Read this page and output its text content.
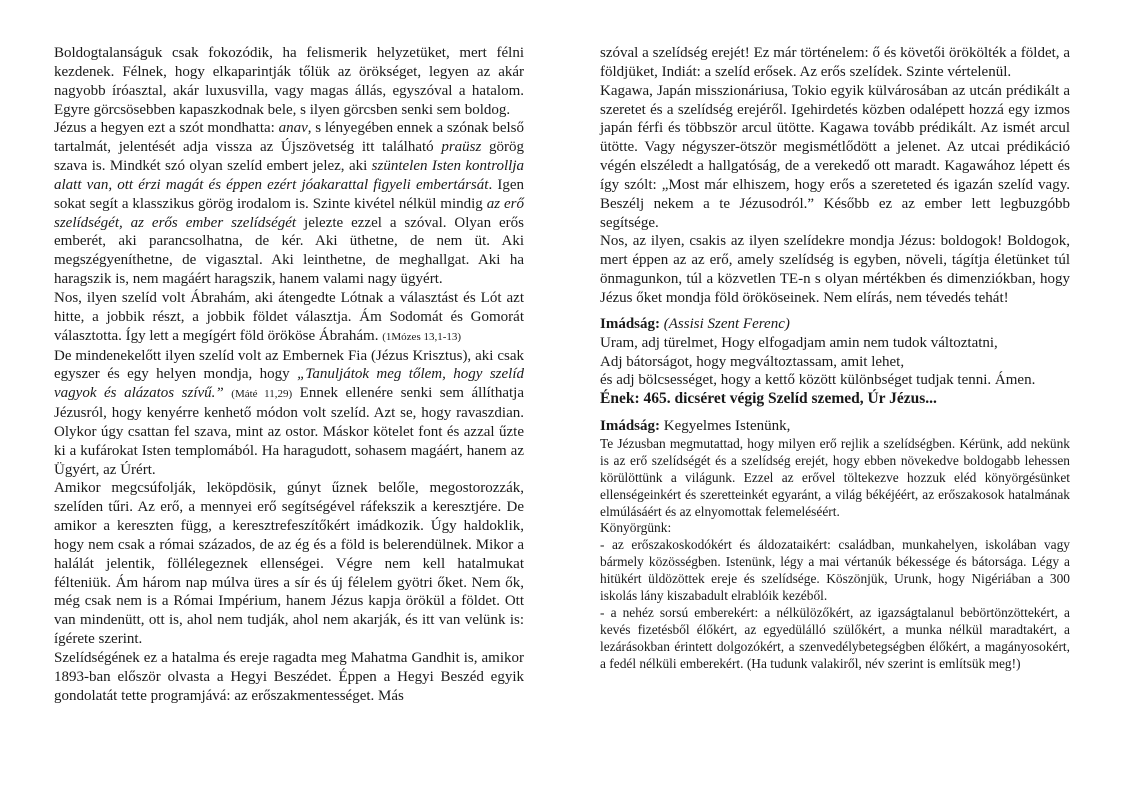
Boldogtalanságuk csak fokozódik, ha felismerik helyzetüket, mert félni kezdenek. Félnek, hogy elkaparintják tőlük az örökséget, legyen az akár nagyobb íróasztal, akár luxusvilla, vagy magas állás, egyszóval a hatalom. Egyre görcsösebben kapaszkodnak bele, s ilyen görcsben senki sem boldog.

Jézus a hegyen ezt a szót mondhatta: anav, s lényegében ennek a szónak belső tartalmát, jelentését adja vissza az Újszövetség itt található praüsz görög szava is. Mindkét szó olyan szelíd embert jelez, aki szüntelen Isten kontrollja alatt van, ott érzi magát és éppen ezért jóakarattal figyeli embertársát. Igen sokat segít a klasszikus görög irodalom is. Szinte kivétel nélkül mindig az erő szelídségét, az erős ember szelídségét jelezte ezzel a szóval. Olyan erős emberét, aki parancsolhatna, de kér. Aki üthetne, de nem üt. Aki megszégyeníthetne, de vigasztal. Aki leinthetne, de meghallgat. Aki ha haragszik is, nem magáért haragszik, hanem valami nagy ügyért.

Nos, ilyen szelíd volt Ábrahám, aki átengedte Lótnak a választást és Lót azt hitte, a jobbik részt, a jobbik földet választja. Ám Sodomát és Gomorát választotta. Így lett a megígért föld örököse Ábrahám. (1Mózes 13,1-13)

De mindenekelőtt ilyen szelíd volt az Embernek Fia (Jézus Krisztus), aki csak egyszer és egy helyen mondja, hogy „Tanuljátok meg tőlem, hogy szelíd vagyok és alázatos szívű.” (Máté 11,29) Ennek ellenére senki sem állíthatja Jézusról, hogy kenyérre kenhető módon volt szelíd. Azt se, hogy ravaszdian. Olykor úgy csattan fel szava, mint az ostor. Máskor kötelet font és azzal űzte ki a kufárokat Isten templomából. Ha haragudott, sohasem magáért, hanem az Ügyért, az Úrért.

Amikor megcsúfolják, leköpdösik, gúnyt űznek belőle, megostorozzák, szelíden tűri. Az erő, a mennyei erő segítségével ráfekszik a keresztjére. De amikor a kereszten függ, a keresztrefeszítőkért imádkozik. Úgy haldoklik, hogy nem csak a római százados, de az ég és a föld is belerendülnek. Mikor a halálát jelentik, föllélegeznek ellenségei. Végre nem kell hatalmukat félteniük. Ám három nap múlva üres a sír és új félelem gyötri őket. Nem ők, még csak nem is a Római Impérium, hanem Jézus kapja örökül a földet. Ott van mindenütt, ott is, ahol nem tudják, ahol nem akarják, és itt van velünk is: ígérete szerint.

Szelídségének ez a hatalma és ereje ragadta meg Mahatma Gandhit is, amikor 1893-ban először olvasta a Hegyi Beszédet. Éppen a Hegyi Beszéd egyik gondolatát tette programjává: az erőszakmentességet. Más

szóval a szelídség erejét! Ez már történelem: ő és követői örökölték a földet, a földjüket, Indiát: a szelíd erősek. Az erős szelídek. Szinte vértelenül.

Kagawa, Japán misszionáriusa, Tokio egyik külvárosában az utcán prédikált a szeretet és a szelídség erejéről. Igehirdetés közben odalépett hozzá egy izmos japán férfi és többször arcul ütötte. Kagawa tovább prédikált. Az ismét arcul ütötte. Vagy négyszer-ötször megismétlődött a jelenet. Az utcai prédikáció végén elszéledt a hallgatóság, de a verekedő ott maradt. Kagawához lépett és így szólt: „Most már elhiszem, hogy erős a szereteted és igazán szelíd vagy. Beszélj nekem a te Jézusodról.” Később ez az ember lett legbuzgóbb segítsége.

Nos, az ilyen, csakis az ilyen szelídekre mondja Jézus: boldogok! Boldogok, mert éppen az az erő, amely szelídség is egyben, növeli, tágítja életünket túl önmagunkon, túl a közvetlen TE-n s olyan mértékben és dimenziókban, hogy Jézus őket mondja föld örököseinek. Nem elírás, nem tévedés tehát!

Imádság: (Assisi Szent Ferenc)

Uram, adj türelmet, Hogy elfogadjam amin nem tudok változtatni,

Adj bátorságot, hogy megváltoztassam, amit lehet,

és adj bölcsességet, hogy a kettő között különbséget tudjak tenni. Ámen.

Ének: 465. dicséret végig Szelíd szemed, Úr Jézus...

Imádság: Kegyelmes Istenünk,

Te Jézusban megmutattad, hogy milyen erő rejlik a szelídségben. Kérünk, add nekünk is az erő szelídségét és a szelídség erejét, hogy ebben növekedve boldogabb lehessen körülöttünk a világunk. Ezzel az erővel töltekezve hozzuk eléd könyörgésünket ellenségeinkért és szeretteinkét egyaránt, a világ békéjéért, az erőszakosok hatalmának elmúlásáért és az elnyomottak felemeléséért.

Könyörgünk:

- az erőszakoskodókért és áldozataikért: családban, munkahelyen, iskolában vagy bármely közösségben. Istenünk, légy a mai vértanúk békessége és bátorsága. Légy a hitükért üldözöttek ereje és szelídsége. Köszönjük, Urunk, hogy Nigériában a 300 iskolás lány kiszabadult elrablóik kezéből.

- a nehéz sorsú emberekért: a nélkülözőkért, az igazságtalanul bebörtönzöttekért, a kevés fizetésből élőkért, az egyedülálló szülőkért, a munka nélkül maradtakért, a lezárásokban érintett dolgozókért, a szenvedélybetegségben élőkért, a magányosokért, a fedél nélküli emberekért. (Ha tudunk valakiről, név szerint is említsük meg!)
